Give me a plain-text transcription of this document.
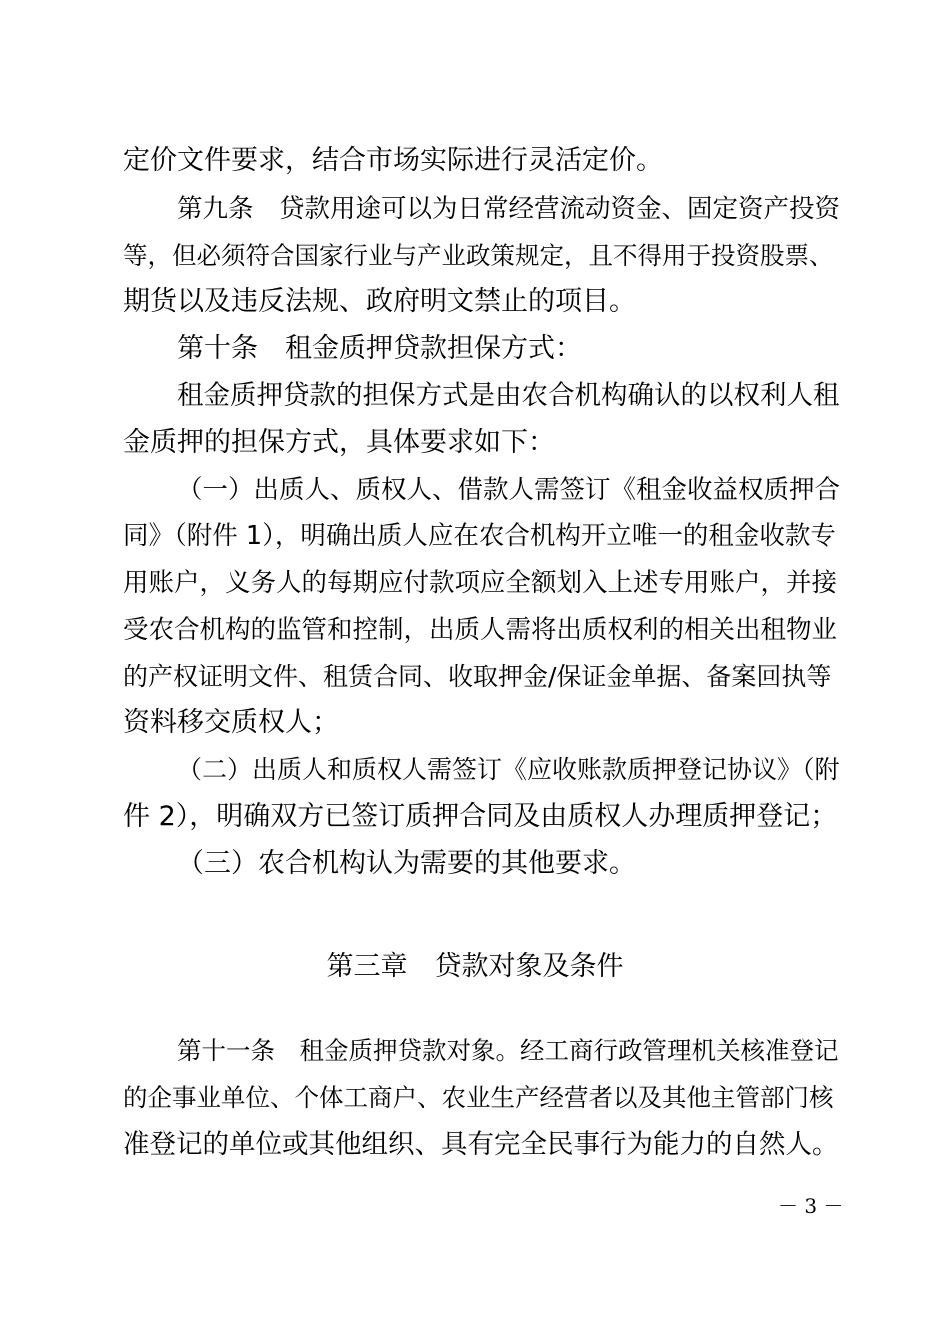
定价文件要求，结合市场实际进行灵活定价。
第九条　贷款用途可以为日常经营流动资金、固定资产投资
等，但必须符合国家行业与产业政策规定，且不得用于投资股票、
期货以及违反法规、政府明文禁止的项目。
第十条　租金质押贷款担保方式：
租金质押贷款的担保方式是由农合机构确认的以权利人租
金质押的担保方式，具体要求如下：
（一）出质人、质权人、借款人需签订《租金收益权质押合
同》（附件 1），明确出质人应在农合机构开立唯一的租金收款专
用账户，义务人的每期应付款项应全额划入上述专用账户，并接
受农合机构的监管和控制，出质人需将出质权利的相关出租物业
的产权证明文件、租赁合同、收取押金/保证金单据、备案回执等
资料移交质权人；
（二）出质人和质权人需签订《应收账款质押登记协议》（附
件 2），明确双方已签订质押合同及由质权人办理质押登记；
（三）农合机构认为需要的其他要求。
第三章　贷款对象及条件
第十一条　租金质押贷款对象。经工商行政管理机关核准登记
的企事业单位、个体工商户、农业生产经营者以及其他主管部门核
准登记的单位或其他组织、具有完全民事行为能力的自然人。
－ 3 －
